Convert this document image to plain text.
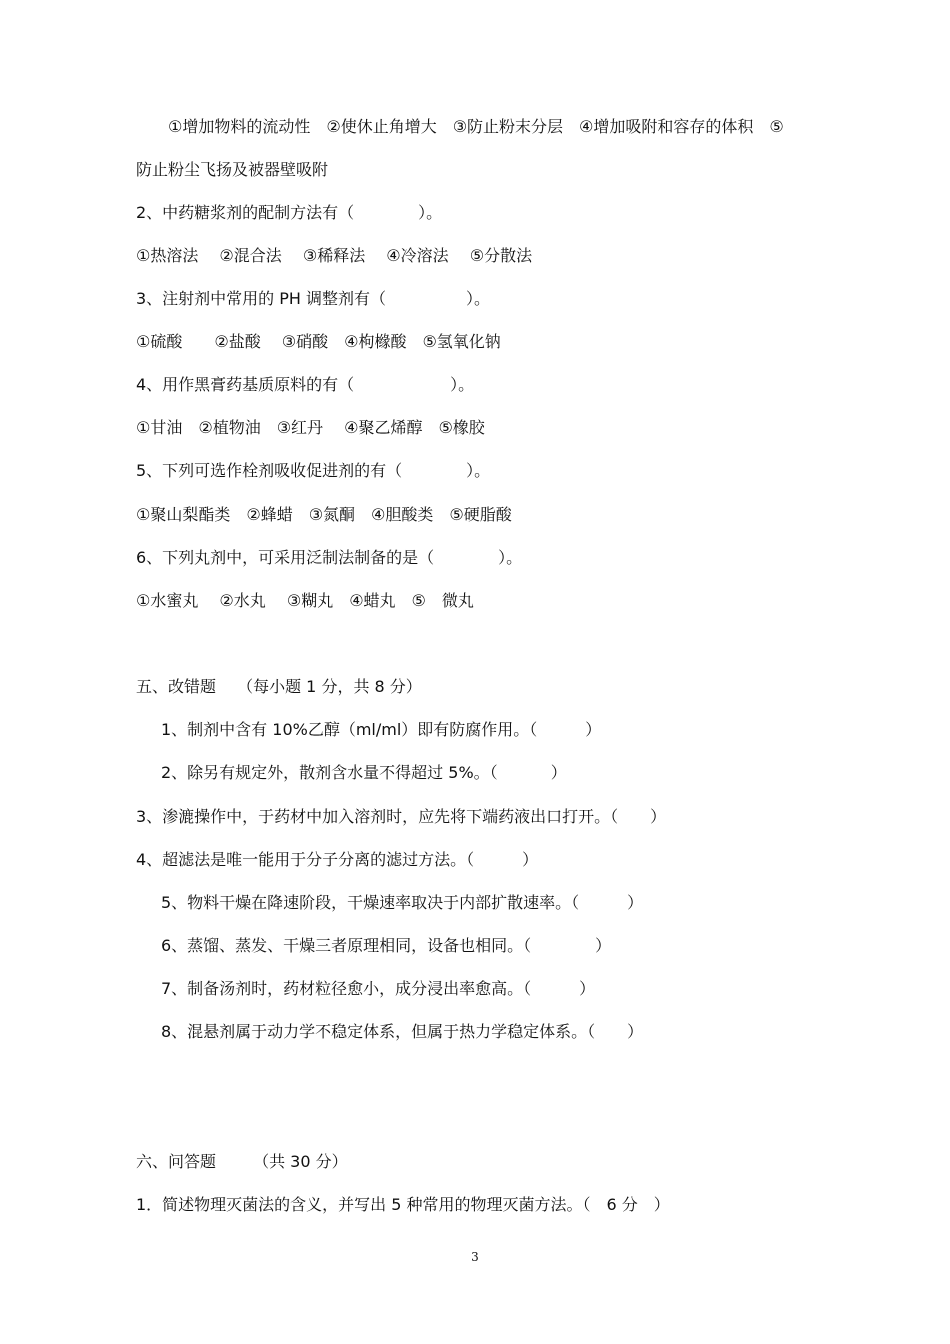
①增加物料的流动性　②使休止角增大　③防止粉末分层　④增加吸附和容存的体积　⑤
防止粉尘飞扬及被器壁吸附
2、中药糖浆剂的配制方法有（　　　　）。
①热溶法　 ②混合法　 ③稀释法　 ④冷溶法　 ⑤分散法
3、注射剂中常用的 PH 调整剂有（　　　　　）。
①硫酸　　②盐酸　 ③硝酸　④枸橼酸　⑤氢氧化钠
4、用作黑膏药基质原料的有（　　　　　　）。
①甘油　②植物油　③红丹　 ④聚乙烯醇　⑤橡胶
5、下列可选作栓剂吸收促进剂的有（　　　　）。
①聚山梨酯类　②蜂蜡　③氮酮　④胆酸类　⑤硬脂酸
6、下列丸剂中，可采用泛制法制备的是（　　　　）。
①水蜜丸　 ②水丸　 ③糊丸　④蜡丸　⑤　微丸
五、改错题　 （每小题 1 分，共 8 分）
1、制剂中含有 10%乙醇（ml/ml）即有防腐作用。（　　　）
2、除另有规定外，散剂含水量不得超过 5%。（　　　 ）
3、渗漉操作中，于药材中加入溶剂时，应先将下端药液出口打开。（　　）
4、超滤法是唯一能用于分子分离的滤过方法。（　　　）
5、物料干燥在降速阶段，干燥速率取决于内部扩散速率。（　　　）
6、蒸馏、蒸发、干燥三者原理相同，设备也相同。（　　　　）
7、制备汤剂时，药材粒径愈小，成分浸出率愈高。（　　　）
8、混悬剂属于动力学不稳定体系，但属于热力学稳定体系。（　　）
六、问答题　　 （共 30 分）
1．简述物理灭菌法的含义，并写出 5 种常用的物理灭菌方法。（　6 分　）
3
